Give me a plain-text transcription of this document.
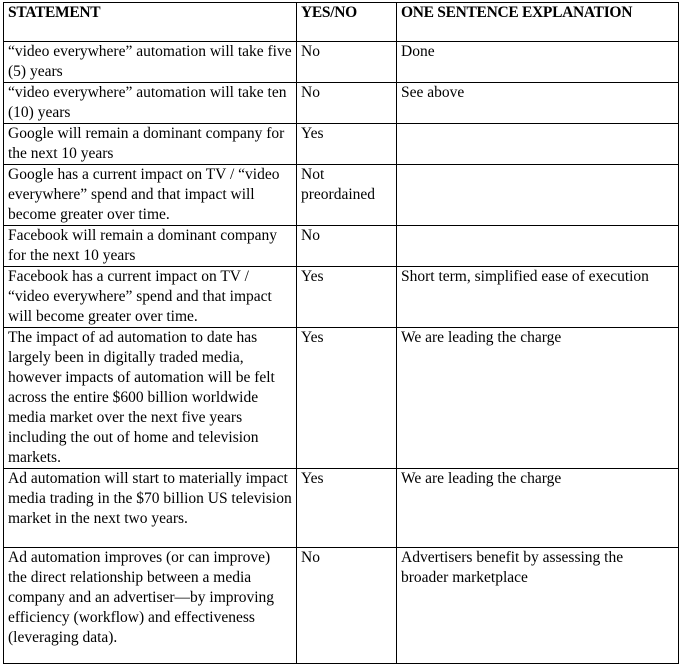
STATEMENT	YES/NO	ONE SENTENCE EXPLANATION
“video everywhere” automation will take five (5) years	No	Done
“video everywhere” automation will take ten (10) years	No	See above
Google will remain a dominant company for the next 10 years	Yes	
Google has a current impact on TV / “video everywhere” spend and that impact will become greater over time.	Not preordained	
Facebook will remain a dominant company for the next 10 years	No	
Facebook has a current impact on TV / “video everywhere” spend and that impact will become greater over time.	Yes	Short term, simplified ease of execution
The impact of ad automation to date has largely been in digitally traded media, however impacts of automation will be felt across the entire $600 billion worldwide media market over the next five years including the out of home and television markets.	Yes	We are leading the charge
Ad automation will start to materially impact media trading in the $70 billion US television market in the next two years.	Yes	We are leading the charge
Ad automation improves (or can improve) the direct relationship between a media company and an advertiser—by improving efficiency (workflow) and effectiveness (leveraging data).	No	Advertisers benefit by assessing the broader marketplace
